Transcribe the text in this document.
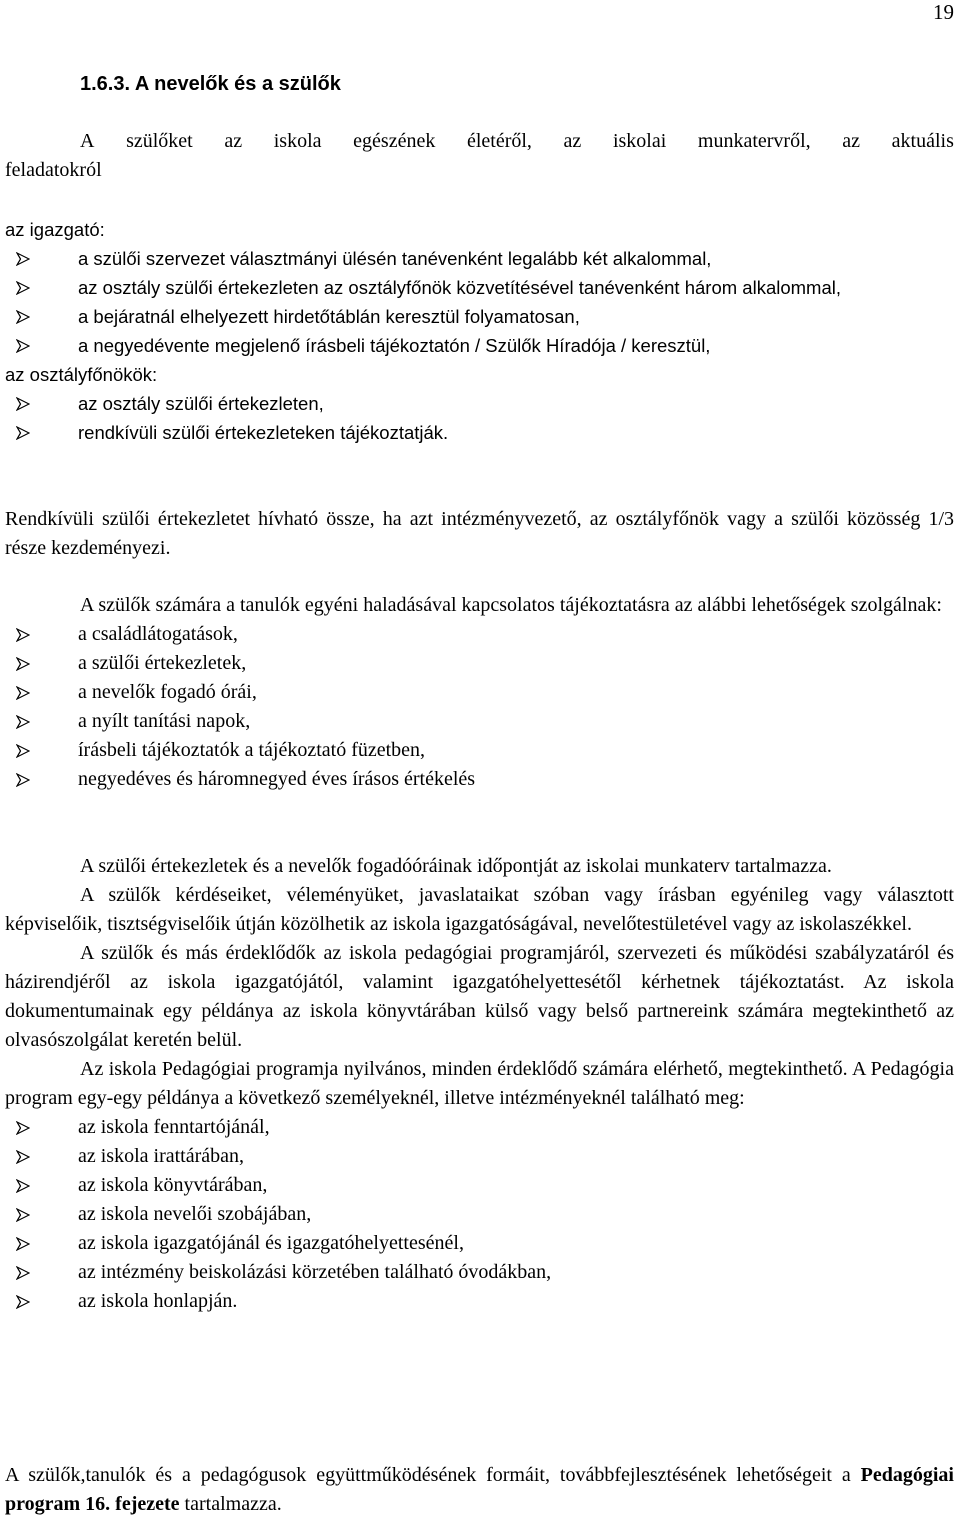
19
1.6.3. A nevelők és a szülők
A szülőket az iskola egészének életéről, az iskolai munkatervről, az aktuális
feladatokról
az igazgató:
a szülői szervezet választmányi ülésén tanévenként legalább két alkalommal,
az osztály szülői értekezleten az osztályfőnök közvetítésével tanévenként három alkalommal,
a bejáratnál elhelyezett hirdetőtáblán keresztül folyamatosan,
a negyedévente megjelenő írásbeli tájékoztatón / Szülők Híradója / keresztül,
az osztályfőnökök:
az osztály szülői értekezleten,
rendkívüli szülői értekezleteken tájékoztatják.

Rendkívüli szülői értekezletet hívható össze, ha azt intézményvezető, az osztályfőnök vagy a szülői közösség 1/3 része kezdeményezi.

A szülők számára a tanulók egyéni haladásával kapcsolatos tájékoztatásra az alábbi lehetőségek szolgálnak:

a családlátogatások,
a szülői értekezletek,
a nevelők fogadó órái,
a nyílt tanítási napok,
írásbeli tájékoztatók a tájékoztató füzetben,
negyedéves és háromnegyed éves írásos értékelés

A szülői értekezletek és a nevelők fogadóóráinak időpontját az iskolai munkaterv tartalmazza.

A szülők kérdéseiket, véleményüket, javaslataikat szóban vagy írásban egyénileg vagy választott képviselőik, tisztségviselőik útján közölhetik az iskola igazgatóságával, nevelőtestületével vagy az iskolaszékkel.

A szülők és más érdeklődők az iskola pedagógiai programjáról, szervezeti és működési szabályzatáról és házirendjéről az iskola igazgatójától, valamint igazgatóhelyettesétől kérhetnek tájékoztatást. Az iskola dokumentumainak egy példánya az iskola könyvtárában külső vagy belső partnereink számára megtekinthető az olvasószolgálat keretén belül.

Az iskola Pedagógiai programja nyilvános, minden érdeklődő számára elérhető, megtekinthető. A Pedagógia program egy-egy példánya a következő személyeknél, illetve intézményeknél található meg:

az iskola fenntartójánál,
az iskola irattárában,
az iskola könyvtárában,
az iskola nevelői szobájában,
az iskola igazgatójánál és igazgatóhelyettesénél,
az intézmény beiskolázási körzetében található óvodákban,
az iskola honlapján.

A szülők,tanulók és a pedagógusok együttműködésének formáit, továbbfejlesztésének lehetőségeit a Pedagógiai program 16. fejezete tartalmazza.
